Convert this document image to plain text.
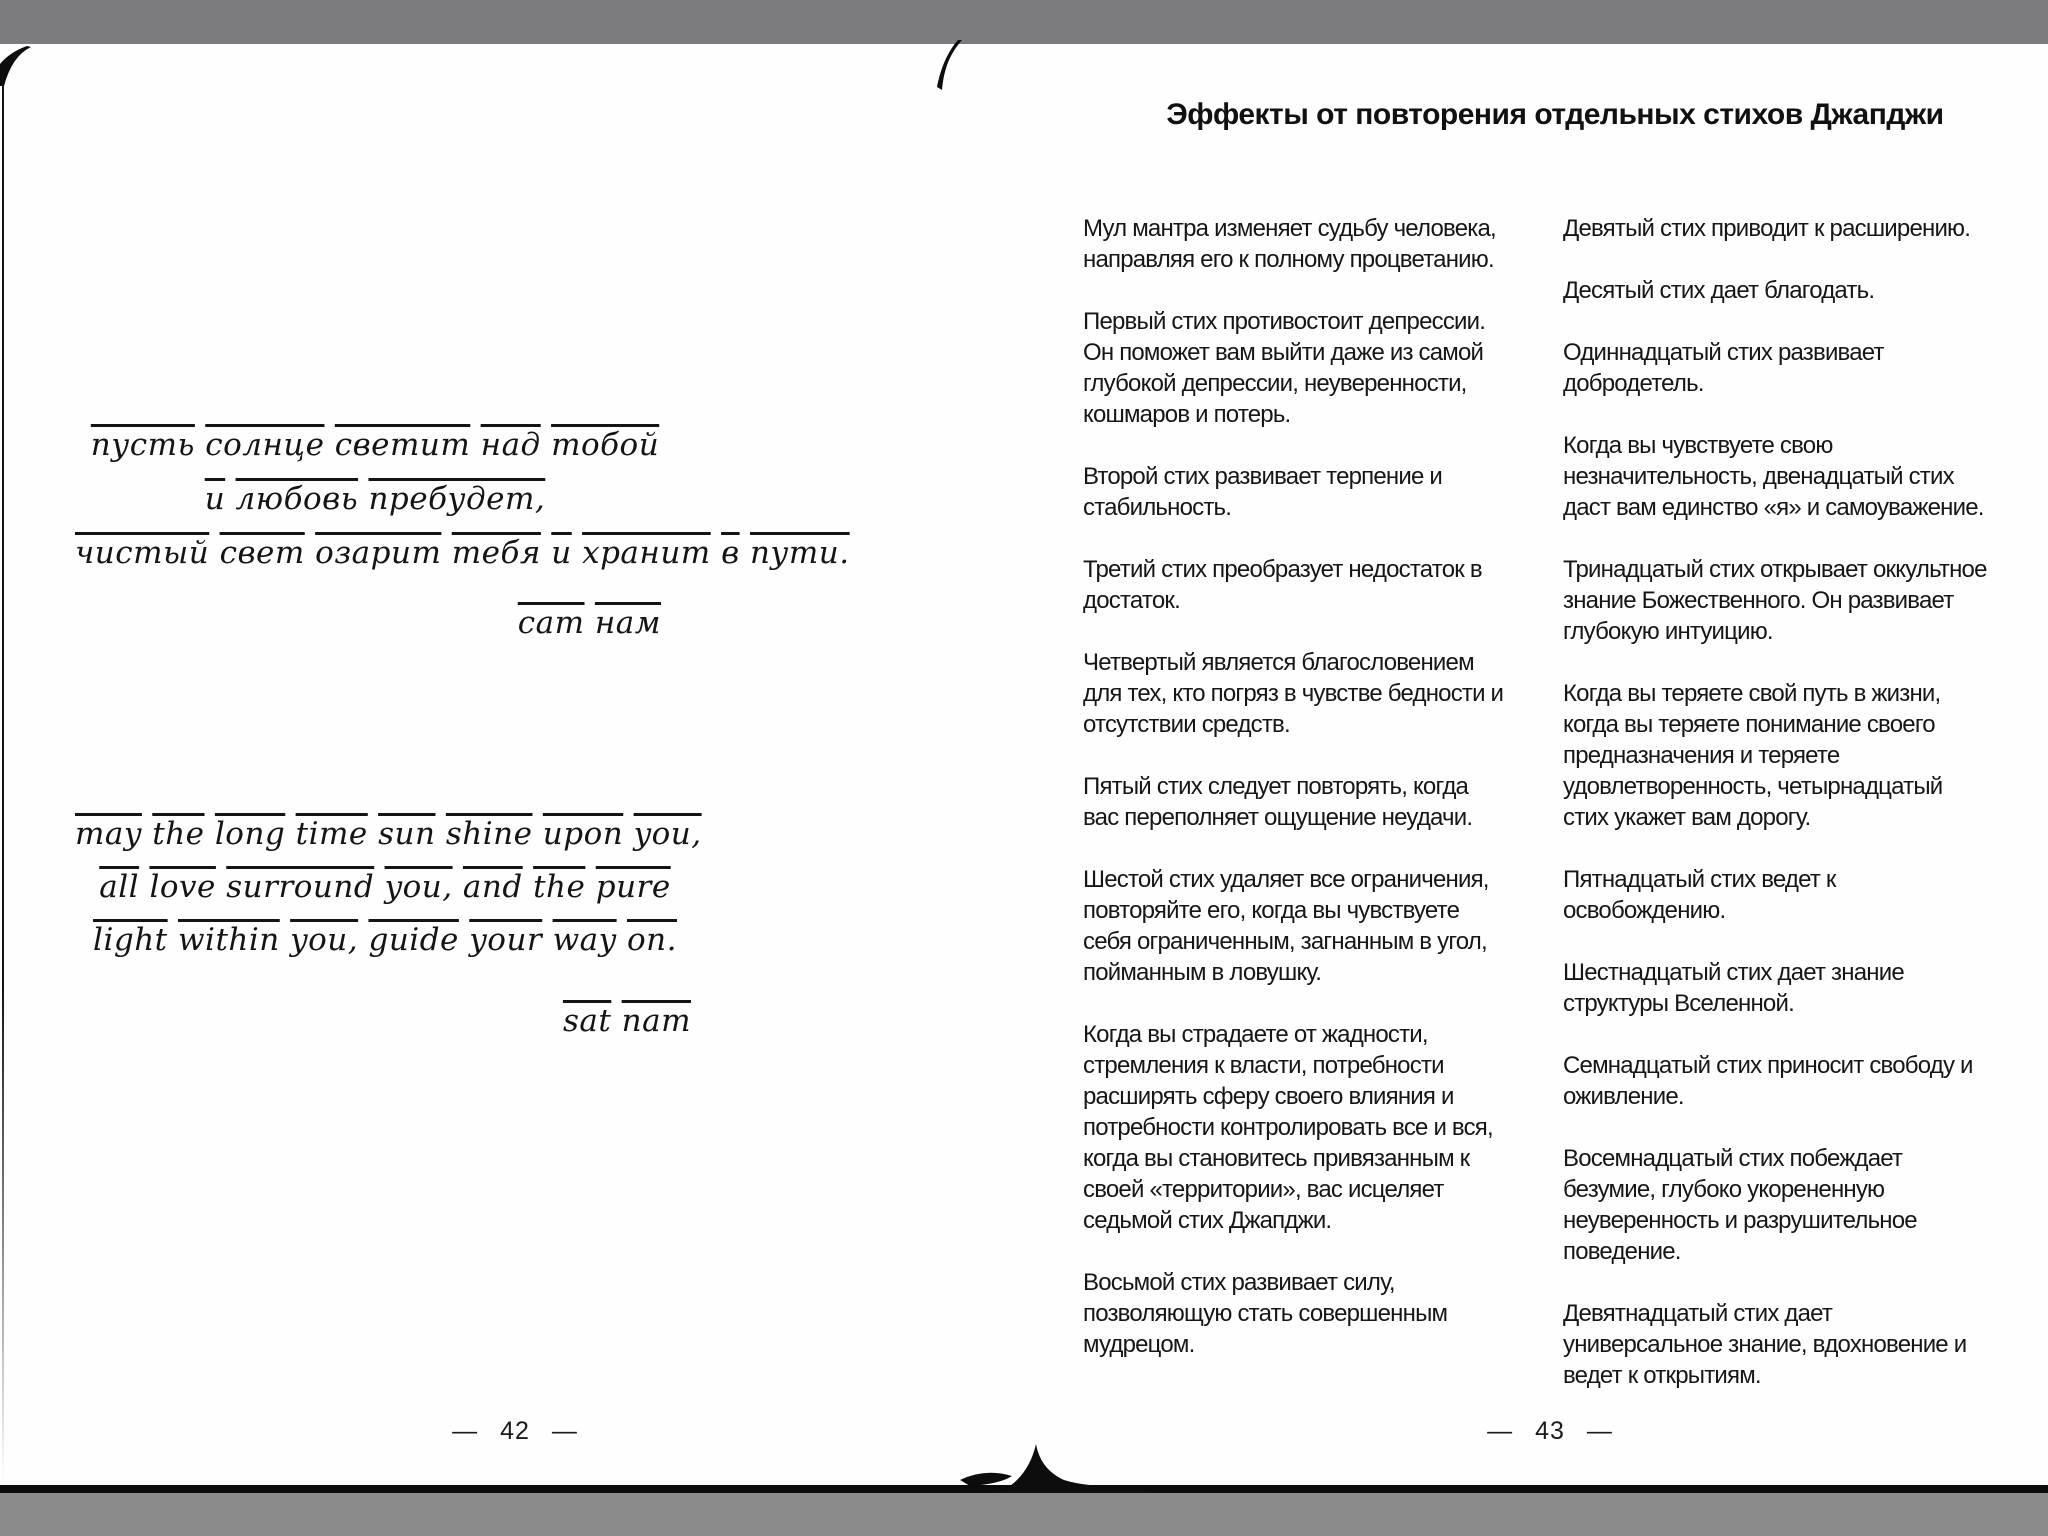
пусть солнце светит над тобой
и любовь пребудет,
чистый свет озарит тебя и хранит в пути.
сат нам
$\overline{may}$ $\overline{the}$ long time $\overline{sun}$ shine upon you,
$\overline{all}$ love surround you, $\overline{and}$ $\overline{the}$ pure
light within you, guide your $\overline{way}$ on.
$\overline{sat}$ $\overline{nam}$
— 42 —
Эффекты от повторения отдельных стихов Джапджи

Мул мантра изменяет судьбу человека, направляя его к полному процветанию.

Первый стих противостоит депрессии. Он поможет вам выйти даже из самой глубокой депрессии, неуверенности, кошмаров и потерь.

Второй стих развивает терпение и стабильность.

Третий стих преобразует недостаток в достаток.

Четвертый является благословением для тех, кто погряз в чувстве бедности и отсутствии средств.

Пятый стих следует повторять, когда вас переполняет ощущение неудачи.

Шестой стих удаляет все ограничения, повторяйте его, когда вы чувствуете себя ограниченным, загнанным в угол, пойманным в ловушку.

Когда вы страдаете от жадности, стремления к власти, потребности расширять сферу своего влияния и потребности контролировать все и вся, когда вы становитесь привязанным к своей «территории», вас исцеляет седьмой стих Джапджи.

Восьмой стих развивает силу, позволяющую стать совершенным мудрецом.

Девятый стих приводит к расширению.

Десятый стих дает благодать.

Одиннадцатый стих развивает добродетель.

Когда вы чувствуете свою незначительность, двенадцатый стих даст вам единство «я» и самоуважение.

Тринадцатый стих открывает оккультное знание Божественного. Он развивает глубокую интуицию.

Когда вы теряете свой путь в жизни, когда вы теряете понимание своего предназначения и теряете удовлетворенность, четырнадцатый стих укажет вам дорогу.

Пятнадцатый стих ведет к освобождению.

Шестнадцатый стих дает знание структуры Вселенной.

Семнадцатый стих приносит свободу и оживление.

Восемнадцатый стих побеждает безумие, глубоко укорененную неуверенность и разрушительное поведение.

Девятнадцатый стих дает универсальное знание, вдохновение и ведет к открытиям.

— 43 —
